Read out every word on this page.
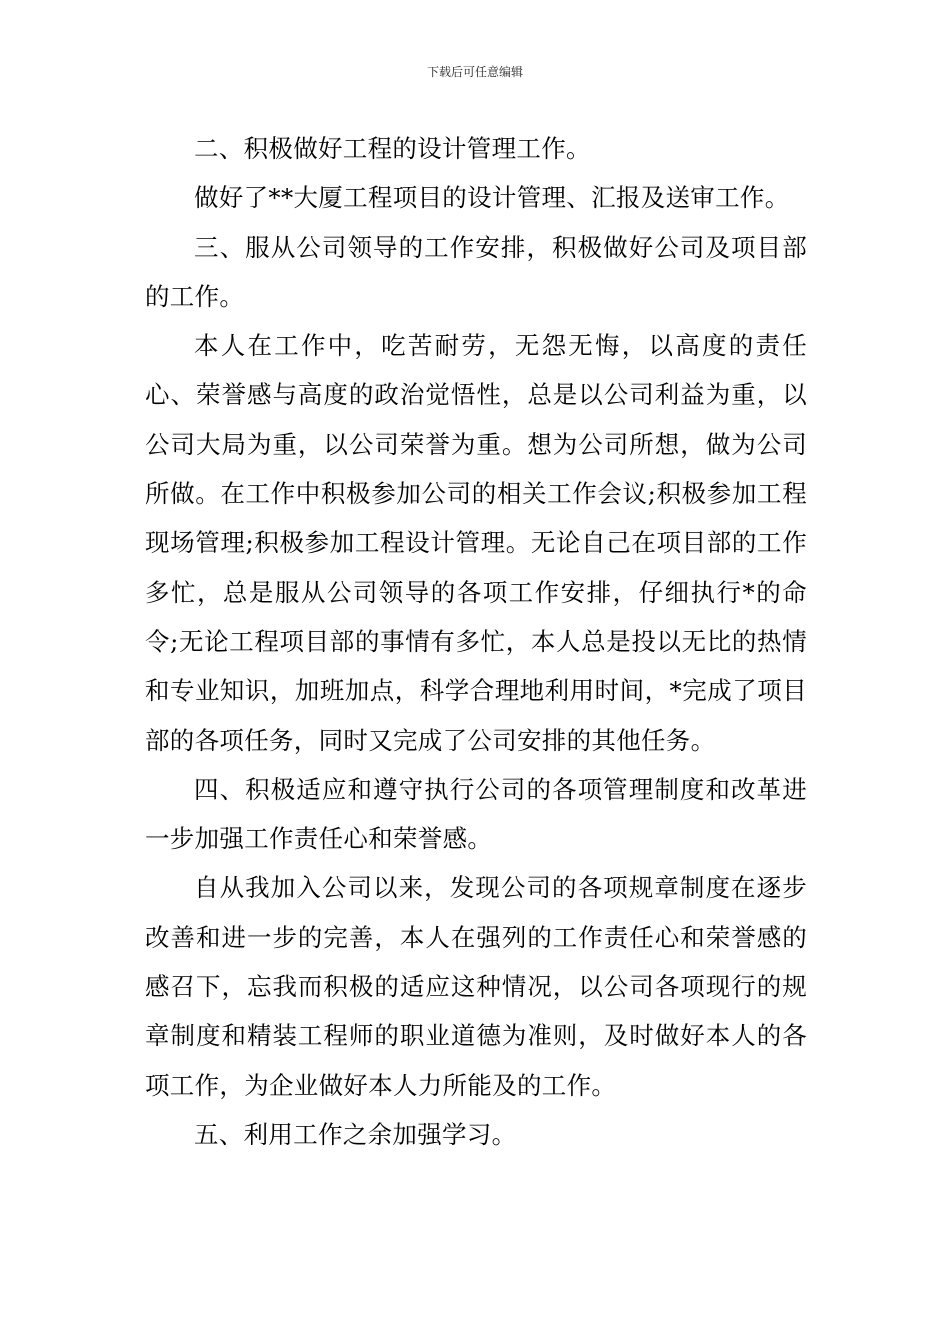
下载后可任意编辑

二、积极做好工程的设计管理工作。

做好了**大厦工程项目的设计管理、汇报及送审工作。

三、服从公司领导的工作安排，积极做好公司及项目部的工作。

本人在工作中，吃苦耐劳，无怨无悔，以高度的责任心、荣誉感与高度的政治觉悟性，总是以公司利益为重，以公司大局为重，以公司荣誉为重。想为公司所想，做为公司所做。在工作中积极参加公司的相关工作会议;积极参加工程现场管理;积极参加工程设计管理。无论自己在项目部的工作多忙，总是服从公司领导的各项工作安排，仔细执行*的命令;无论工程项目部的事情有多忙，本人总是投以无比的热情和专业知识，加班加点，科学合理地利用时间，*完成了项目部的各项任务，同时又完成了公司安排的其他任务。

四、积极适应和遵守执行公司的各项管理制度和改革进一步加强工作责任心和荣誉感。

自从我加入公司以来，发现公司的各项规章制度在逐步改善和进一步的完善，本人在强列的工作责任心和荣誉感的感召下，忘我而积极的适应这种情况，以公司各项现行的规章制度和精装工程师的职业道德为准则，及时做好本人的各项工作，为企业做好本人力所能及的工作。

五、利用工作之余加强学习。
